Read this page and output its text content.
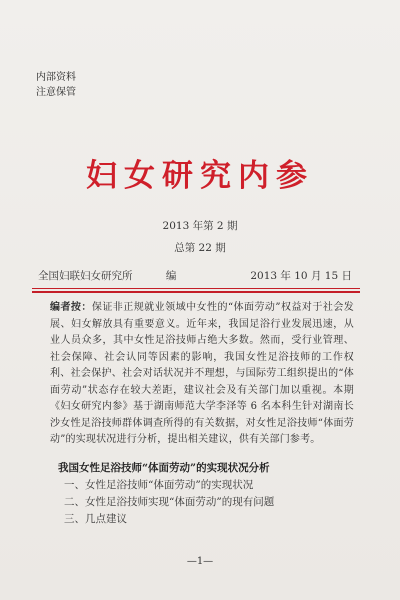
内部资料
注意保管
妇女研究内参
2013 年第 2 期
总第 22 期
全国妇联妇女研究所	编	2013 年 10 月 15 日
编者按：保证非正规就业领域中女性的“体面劳动”权益对于社会发展、妇女解放具有重要意义。近年来，我国足浴行业发展迅速，从业人员众多，其中女性足浴技师占绝大多数。然而，受行业管理、社会保障、社会认同等因素的影响，我国女性足浴技师的工作权利、社会保护、社会对话状况并不理想，与国际劳工组织提出的“体面劳动”状态存在较大差距，建议社会及有关部门加以重视。本期《妇女研究内参》基于湖南师范大学李泽等 6 名本科生针对湖南长沙女性足浴技师群体调查所得的有关数据，对女性足浴技师“体面劳动”的实现状况进行分析，提出相关建议，供有关部门参考。
我国女性足浴技师“体面劳动”的实现状况分析
一、女性足浴技师“体面劳动”的实现状况
二、女性足浴技师实现“体面劳动”的现有问题
三、几点建议
—1—
